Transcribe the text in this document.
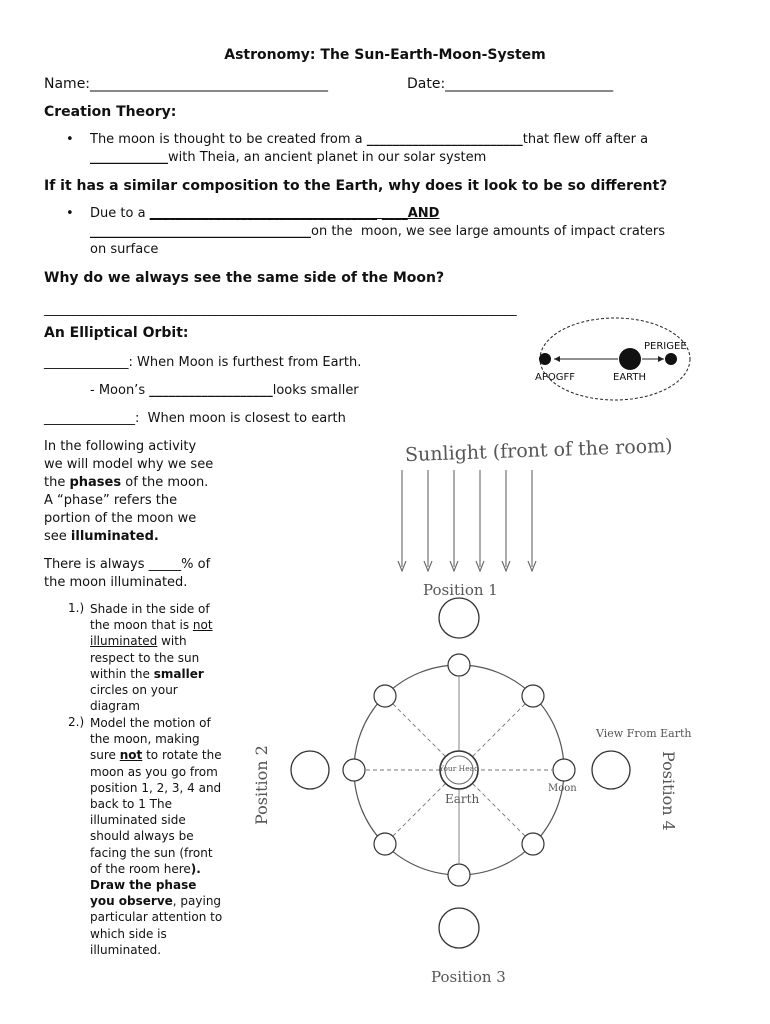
Astronomy: The Sun-Earth-Moon-System
Name:__________________________________	Date:________________________
Creation Theory:
• The moon is thought to be created from a ________________________that flew off after a
____________with Theia, an ancient planet in our solar system
If it has a similar composition to the Earth, why does it look to be so different?
• Due to a ___________________________________ ____AND
__________________________________on the  moon, we see large amounts of impact craters
on surface
Why do we always see the same side of the Moon?
________________________________________________________________________________
An Elliptical Orbit:
_____________: When Moon is furthest from Earth.
- Moon’s ___________________looks smaller
______________:  When moon is closest to earth
APOGFF	EARTH
PERIGEE
In the following activity
we will model why we see
the phases of the moon.
A “phase” refers the
portion of the moon we
see illuminated.
There is always _____% of
the moon illuminated.
1.) Shade in the side of
the moon that is not
illuminated with
respect to the sun
within the smaller
circles on your
diagram
2.) Model the motion of
the moon, making
sure not to rotate the
moon as you go from
position 1, 2, 3, 4 and
back to 1 The
illuminated side
should always be
facing the sun (front
of the room here).
Draw the phase
you observe, paying
particular attention to
which side is
illuminated.
Sunlight (front of the room)
Position 1
Your Head
Earth
Moon
Position 2
View From Earth
Position 4
Position 3
